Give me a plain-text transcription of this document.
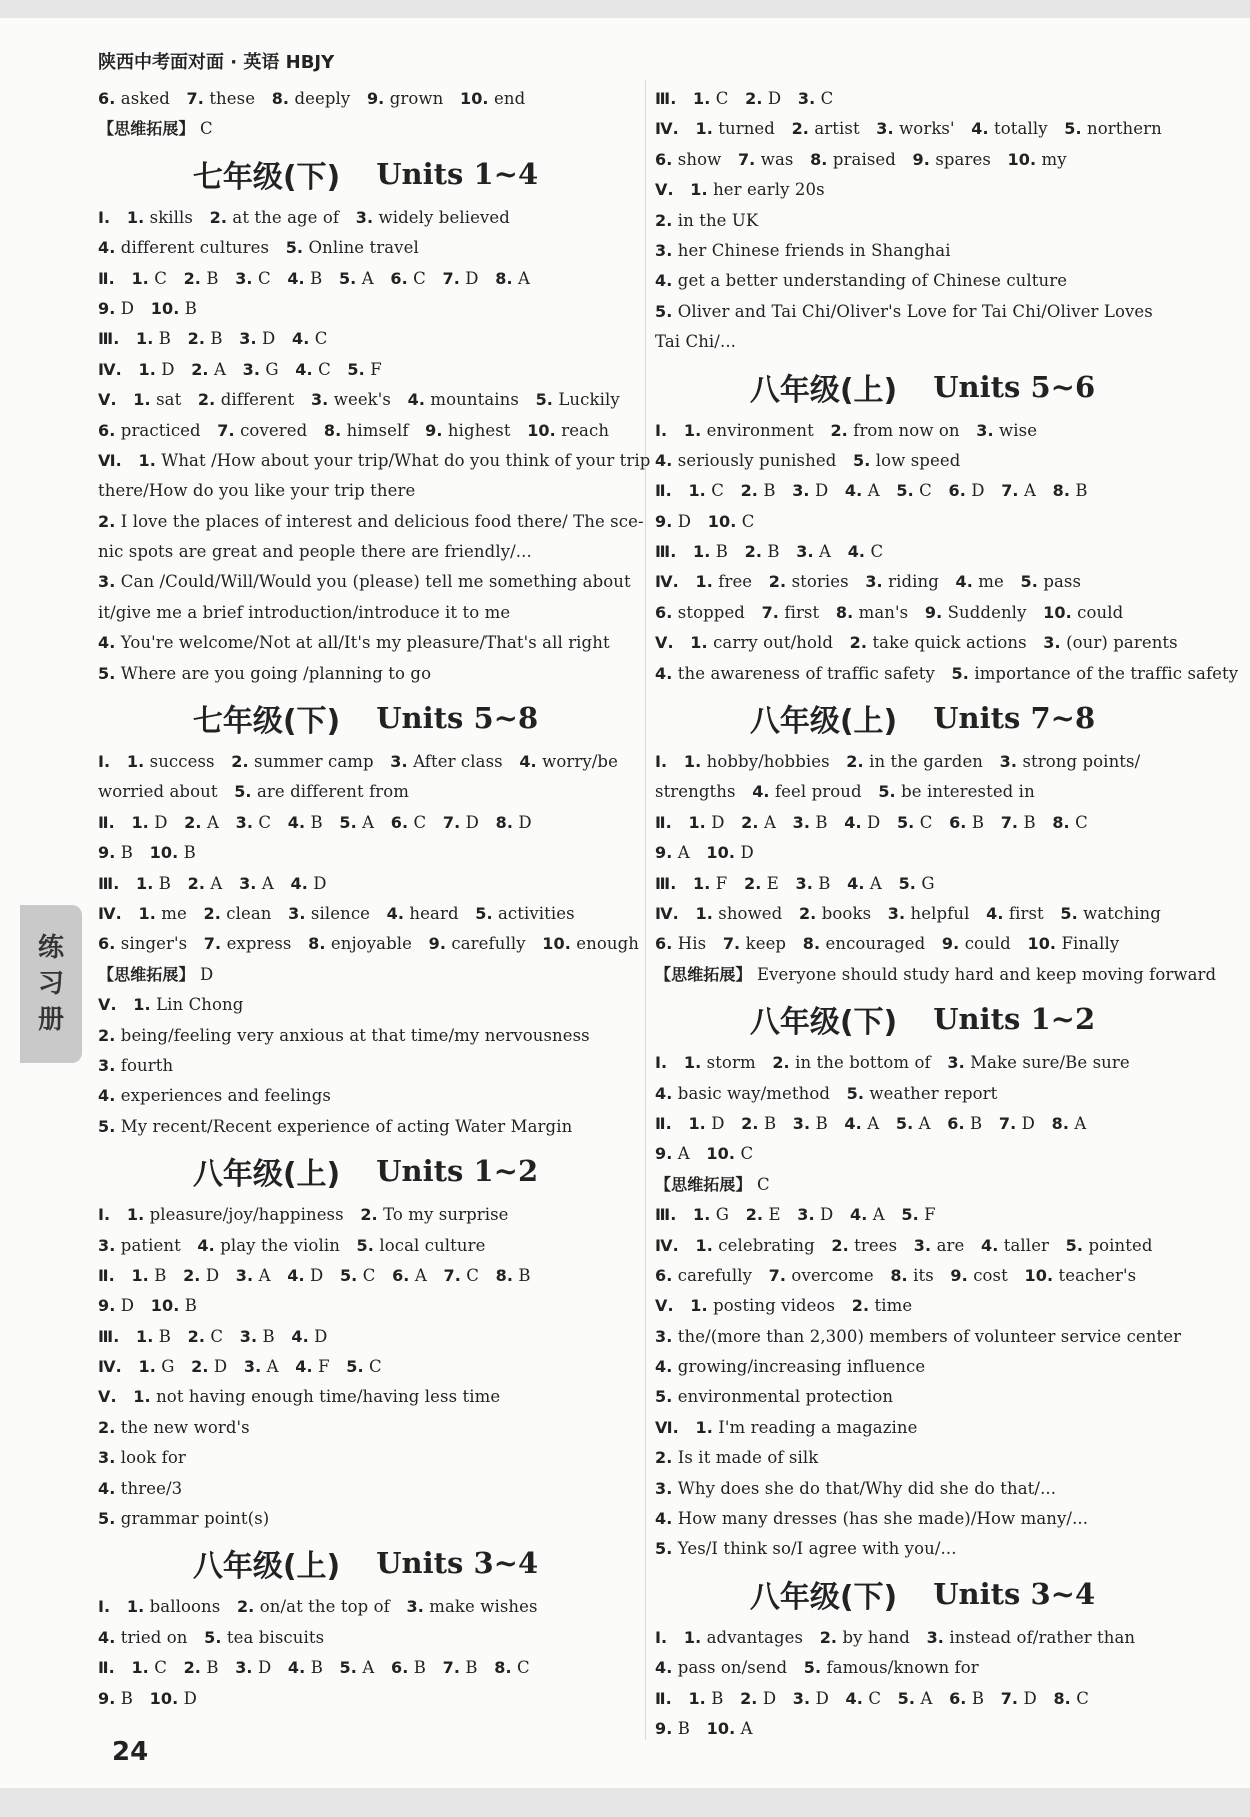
陕西中考面对面 · 英语 HBJY
6. asked  7. these  8. deeply  9. grown  10. end
【思维拓展】 C
七年级(下) Units 1~4
Ⅰ.  1. skills  2. at the age of  3. widely believed
4. different cultures  5. Online travel
Ⅱ.  1. C  2. B  3. C  4. B  5. A  6. C  7. D  8. A
9. D  10. B
Ⅲ.  1. B  2. B  3. D  4. C
Ⅳ.  1. D  2. A  3. G  4. C  5. F
Ⅴ.  1. sat  2. different  3. week's  4. mountains  5. Luckily
6. practiced  7. covered  8. himself  9. highest  10. reach
Ⅵ.  1. What /How about your trip/What do you think of your trip
there/How do you like your trip there
2. I love the places of interest and delicious food there/ The sce-
nic spots are great and people there are friendly/...
3. Can /Could/Will/Would you (please) tell me something about
it/give me a brief introduction/introduce it to me
4. You're welcome/Not at all/It's my pleasure/That's all right
5. Where are you going /planning to go
七年级(下) Units 5~8
Ⅰ.  1. success  2. summer camp  3. After class  4. worry/be
worried about  5. are different from
Ⅱ.  1. D  2. A  3. C  4. B  5. A  6. C  7. D  8. D
9. B  10. B
Ⅲ.  1. B  2. A  3. A  4. D
Ⅳ.  1. me  2. clean  3. silence  4. heard  5. activities
6. singer's  7. express  8. enjoyable  9. carefully  10. enough
【思维拓展】 D
Ⅴ.  1. Lin Chong
2. being/feeling very anxious at that time/my nervousness
3. fourth
4. experiences and feelings
5. My recent/Recent experience of acting Water Margin
八年级(上) Units 1~2
Ⅰ.  1. pleasure/joy/happiness  2. To my surprise
3. patient  4. play the violin  5. local culture
Ⅱ.  1. B  2. D  3. A  4. D  5. C  6. A  7. C  8. B
9. D  10. B
Ⅲ.  1. B  2. C  3. B  4. D
Ⅳ.  1. G  2. D  3. A  4. F  5. C
Ⅴ.  1. not having enough time/having less time
2. the new word's
3. look for
4. three/3
5. grammar point(s)
八年级(上) Units 3~4
Ⅰ.  1. balloons  2. on/at the top of  3. make wishes
4. tried on  5. tea biscuits
Ⅱ.  1. C  2. B  3. D  4. B  5. A  6. B  7. B  8. C
9. B  10. D
Ⅲ.  1. C  2. D  3. C
Ⅳ.  1. turned  2. artist  3. works'  4. totally  5. northern
6. show  7. was  8. praised  9. spares  10. my
Ⅴ.  1. her early 20s
2. in the UK
3. her Chinese friends in Shanghai
4. get a better understanding of Chinese culture
5. Oliver and Tai Chi/Oliver's Love for Tai Chi/Oliver Loves
Tai Chi/...
八年级(上) Units 5~6
Ⅰ.  1. environment  2. from now on  3. wise
4. seriously punished  5. low speed
Ⅱ.  1. C  2. B  3. D  4. A  5. C  6. D  7. A  8. B
9. D  10. C
Ⅲ.  1. B  2. B  3. A  4. C
Ⅳ.  1. free  2. stories  3. riding  4. me  5. pass
6. stopped  7. first  8. man's  9. Suddenly  10. could
Ⅴ.  1. carry out/hold  2. take quick actions  3. (our) parents
4. the awareness of traffic safety  5. importance of the traffic safety
八年级(上) Units 7~8
Ⅰ.  1. hobby/hobbies  2. in the garden  3. strong points/
strengths  4. feel proud  5. be interested in
Ⅱ.  1. D  2. A  3. B  4. D  5. C  6. B  7. B  8. C
9. A  10. D
Ⅲ.  1. F  2. E  3. B  4. A  5. G
Ⅳ.  1. showed  2. books  3. helpful  4. first  5. watching
6. His  7. keep  8. encouraged  9. could  10. Finally
【思维拓展】 Everyone should study hard and keep moving forward
八年级(下) Units 1~2
Ⅰ.  1. storm  2. in the bottom of  3. Make sure/Be sure
4. basic way/method  5. weather report
Ⅱ.  1. D  2. B  3. B  4. A  5. A  6. B  7. D  8. A
9. A  10. C
【思维拓展】 C
Ⅲ.  1. G  2. E  3. D  4. A  5. F
Ⅳ.  1. celebrating  2. trees  3. are  4. taller  5. pointed
6. carefully  7. overcome  8. its  9. cost  10. teacher's
Ⅴ.  1. posting videos  2. time
3. the/(more than 2,300) members of volunteer service center
4. growing/increasing influence
5. environmental protection
Ⅵ.  1. I'm reading a magazine
2. Is it made of silk
3. Why does she do that/Why did she do that/...
4. How many dresses (has she made)/How many/...
5. Yes/I think so/I agree with you/...
八年级(下) Units 3~4
Ⅰ.  1. advantages  2. by hand  3. instead of/rather than
4. pass on/send  5. famous/known for
Ⅱ.  1. B  2. D  3. D  4. C  5. A  6. B  7. D  8. C
9. B  10. A
练
习
册
24
